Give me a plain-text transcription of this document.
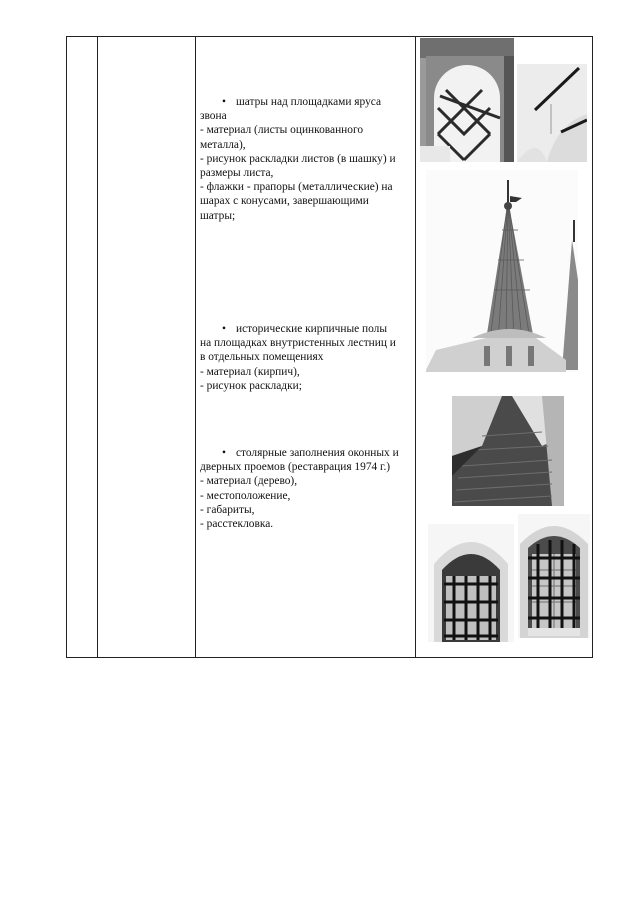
• шатры над площадками яруса
звона
- материал (листы оцинкованного
металла),
- рисунок раскладки листов (в шашку) и
размеры листа,
- флажки - прапоры (металлические) на
шарах с конусами, завершающими
шатры;
• исторические кирпичные полы
на площадках внутристенных лестниц и
в отдельных помещениях
- материал (кирпич),
- рисунок раскладки;
• столярные заполнения оконных и
дверных проемов (реставрация 1974 г.)
- материал (дерево),
- местоположение,
- габариты,
- расстекловка.
